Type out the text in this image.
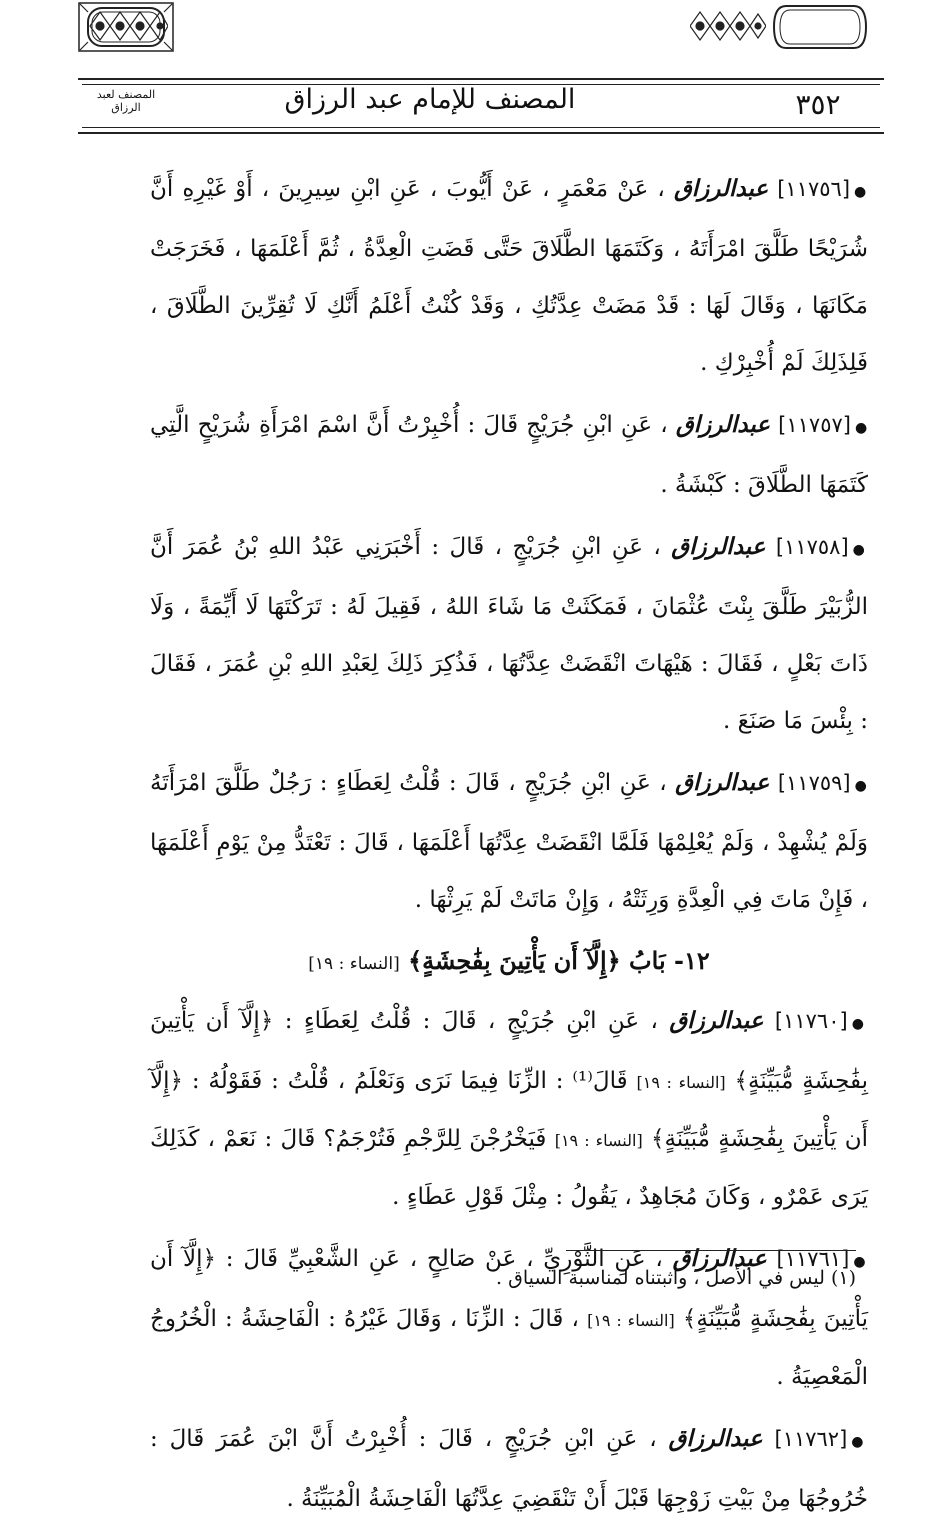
المصنف لعبد الرزاق	المصنف للإمام عبد الرزاق	٣٥٢

●[١١٧٥٦] عبدالرزاق ، عَنْ مَعْمَرٍ ، عَنْ أَيُّوبَ ، عَنِ ابْنِ سِيرِينَ ، أَوْ غَيْرِهِ أَنَّ شُرَيْحًا طَلَّقَ امْرَأَتَهُ ، وَكَتَمَهَا الطَّلَاقَ حَتَّى قَضَتِ الْعِدَّةُ ، ثُمَّ أَعْلَمَهَا ، فَخَرَجَتْ مَكَانَهَا ، وَقَالَ لَهَا : قَدْ مَضَتْ عِدَّتُكِ ، وَقَدْ كُنْتُ أَعْلَمُ أَنَّكِ لَا تُقِرِّينَ الطَّلَاقَ ، فَلِذَلِكَ لَمْ أُخْبِرْكِ .

●[١١٧٥٧] عبدالرزاق ، عَنِ ابْنِ جُرَيْجٍ قَالَ : أُخْبِرْتُ أَنَّ اسْمَ امْرَأَةِ شُرَيْحٍ الَّتِي كَتَمَهَا الطَّلَاقَ : كَبْشَةُ .

●[١١٧٥٨] عبدالرزاق ، عَنِ ابْنِ جُرَيْجٍ ، قَالَ : أَخْبَرَنِي عَبْدُ اللهِ بْنُ عُمَرَ أَنَّ الزُّبَيْرَ طَلَّقَ بِنْتَ عُثْمَانَ ، فَمَكَثَتْ مَا شَاءَ اللهُ ، فَقِيلَ لَهُ : تَرَكْتَهَا لَا أَيِّمَةً ، وَلَا ذَاتَ بَعْلٍ ، فَقَالَ : هَيْهَاتَ انْقَضَتْ عِدَّتُهَا ، فَذُكِرَ ذَلِكَ لِعَبْدِ اللهِ بْنِ عُمَرَ ، فَقَالَ : بِئْسَ مَا صَنَعَ .

●[١١٧٥٩] عبدالرزاق ، عَنِ ابْنِ جُرَيْجٍ ، قَالَ : قُلْتُ لِعَطَاءٍ : رَجُلٌ طَلَّقَ امْرَأَتَهُ وَلَمْ يُشْهِدْ ، وَلَمْ يُعْلِمْهَا فَلَمَّا انْقَضَتْ عِدَّتُهَا أَعْلَمَهَا ، قَالَ : تَعْتَدُّ مِنْ يَوْمِ أَعْلَمَهَا ، فَإِنْ مَاتَ فِي الْعِدَّةِ وَرِثَتْهُ ، وَإِنْ مَاتَتْ لَمْ يَرِثْهَا .

١٢- بَابُ ﴿إِلَّآ أَن يَأْتِينَ بِفَٰحِشَةٍ﴾ [النساء : ١٩]

●[١١٧٦٠] عبدالرزاق ، عَنِ ابْنِ جُرَيْجٍ ، قَالَ : قُلْتُ لِعَطَاءٍ : ﴿إِلَّآ أَن يَأْتِينَ بِفَٰحِشَةٍ مُّبَيِّنَةٍ﴾ [النساء : ١٩] قَالَ⁽¹⁾ : الزِّنَا فِيمَا نَرَى وَنَعْلَمُ ، قُلْتُ : فَقَوْلُهُ : ﴿إِلَّآ أَن يَأْتِينَ بِفَٰحِشَةٍ مُّبَيِّنَةٍ﴾ [النساء : ١٩] فَيَخْرُجْنَ لِلرَّجْمِ فَتُرْجَمُ؟ قَالَ : نَعَمْ ، كَذَلِكَ يَرَى عَمْرٌو ، وَكَانَ مُجَاهِدٌ ، يَقُولُ : مِثْلَ قَوْلِ عَطَاءٍ .

●[١١٧٦١] عبدالرزاق ، عَنِ الثَّوْرِيِّ ، عَنْ صَالِحٍ ، عَنِ الشَّعْبِيِّ قَالَ : ﴿إِلَّآ أَن يَأْتِينَ بِفَٰحِشَةٍ مُّبَيِّنَةٍ﴾ [النساء : ١٩] ، قَالَ : الزِّنَا ، وَقَالَ غَيْرُهُ : الْفَاحِشَةُ : الْخُرُوجُ الْمَعْصِيَةُ .

●[١١٧٦٢] عبدالرزاق ، عَنِ ابْنِ جُرَيْجٍ ، قَالَ : أُخْبِرْتُ أَنَّ ابْنَ عُمَرَ قَالَ : خُرُوجُهَا مِنْ بَيْتِ زَوْجِهَا قَبْلَ أَنْ تَنْقَضِيَ عِدَّتُهَا الْفَاحِشَةُ الْمُبَيِّنَةُ .

(١) ليس في الأصل ، وأثبتناه لمناسبة السياق .
